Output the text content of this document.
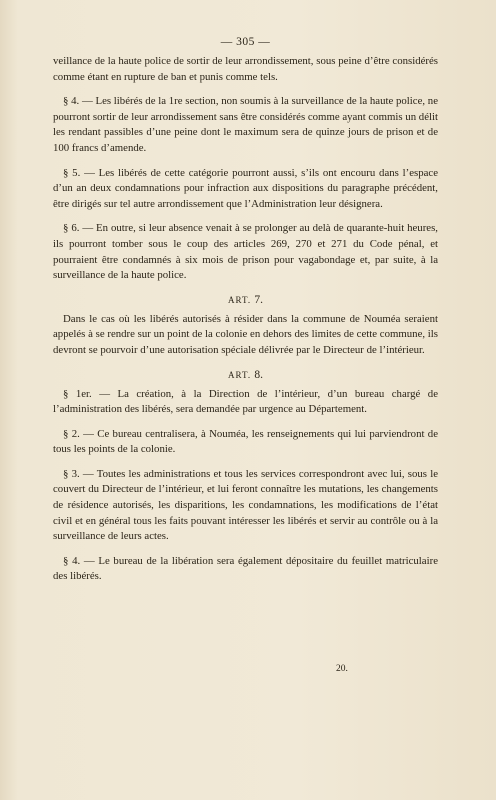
— 305 —

veillance de la haute police de sortir de leur arrondissement, sous peine d’être considérés comme étant en rupture de ban et punis comme tels.

§ 4. — Les libérés de la 1re section, non soumis à la surveillance de la haute police, ne pourront sortir de leur arrondissement sans être considérés comme ayant commis un délit les rendant passibles d’une peine dont le maximum sera de quinze jours de prison et de 100 francs d’amende.

§ 5. — Les libérés de cette catégorie pourront aussi, s’ils ont encouru dans l’espace d’un an deux condamnations pour infraction aux dispositions du paragraphe précédent, être dirigés sur tel autre arrondissement que l’Administration leur désignera.

§ 6. — En outre, si leur absence venait à se prolonger au delà de quarante-huit heures, ils pourront tomber sous le coup des articles 269, 270 et 271 du Code pénal, et pourraient être condamnés à six mois de prison pour vagabondage et, par suite, à la surveillance de la haute police.

ART. 7.

Dans le cas où les libérés autorisés à résider dans la commune de Nouméa seraient appelés à se rendre sur un point de la colonie en dehors des limites de cette commune, ils devront se pourvoir d’une autorisation spéciale délivrée par le Directeur de l’intérieur.

ART. 8.

§ 1er. — La création, à la Direction de l’intérieur, d’un bureau chargé de l’administration des libérés, sera demandée par urgence au Département.

§ 2. — Ce bureau centralisera, à Nouméa, les renseignements qui lui parviendront de tous les points de la colonie.

§ 3. — Toutes les administrations et tous les services correspondront avec lui, sous le couvert du Directeur de l’intérieur, et lui feront connaître les mutations, les changements de résidence autorisés, les disparitions, les condamnations, les modifications de l’état civil et en général tous les faits pouvant intéresser les libérés et servir au contrôle ou à la surveillance de leurs actes.

§ 4. — Le bureau de la libération sera également dépositaire du feuillet matriculaire des libérés.

20.
